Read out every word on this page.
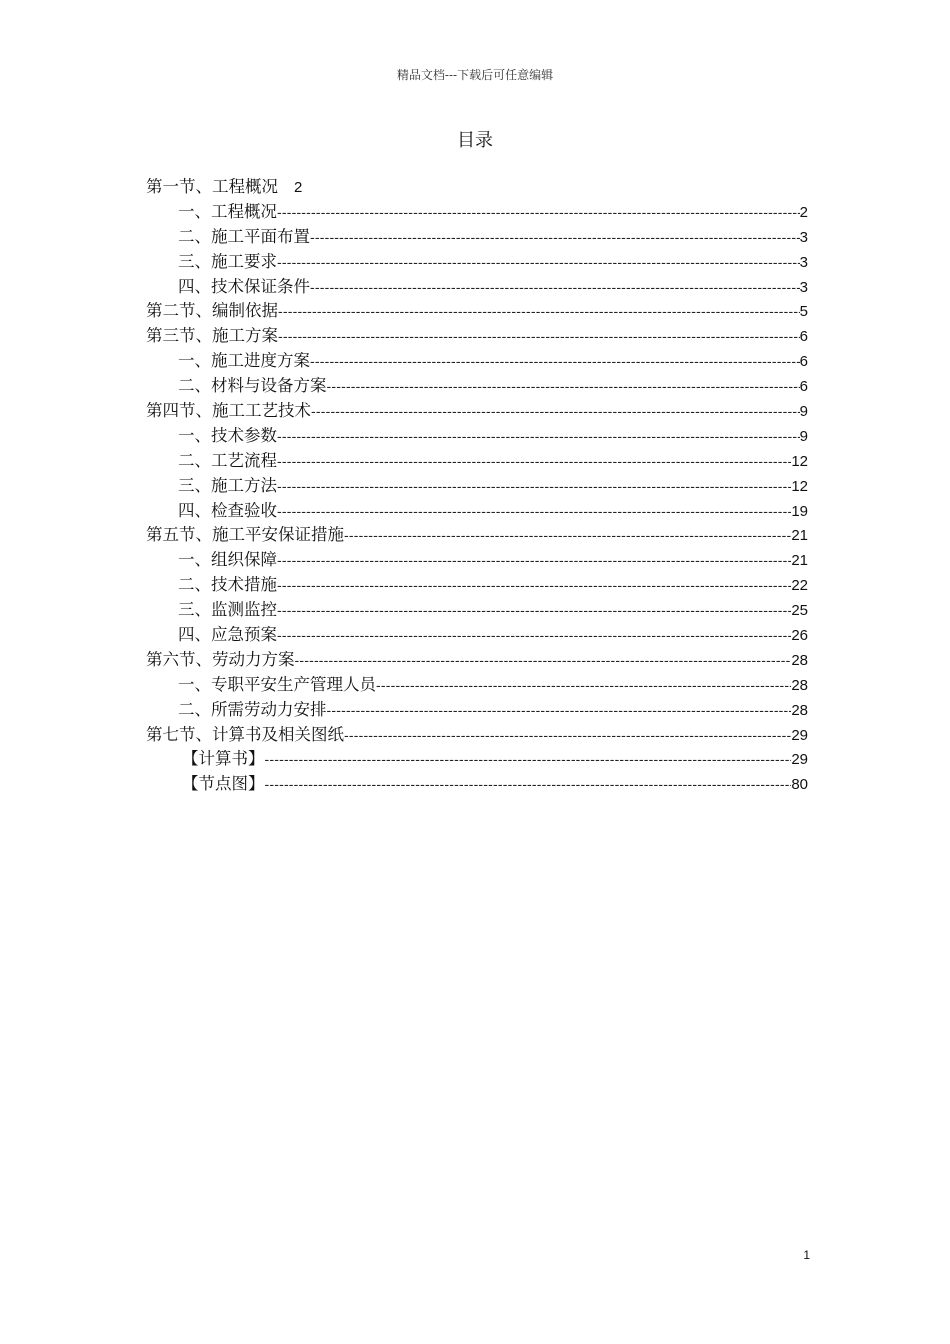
精品文档---下载后可任意编辑
目录
第一节、工程概况 2
一、工程概况 -----	2
二、施工平面布置 -----	3
三、施工要求 -----	3
四、技术保证条件 -----	3
第二节、编制依据 -----	5
第三节、施工方案 -----	6
一、施工进度方案 -----	6
二、材料与设备方案 -----	6
第四节、施工工艺技术 -----	9
一、技术参数 -----	9
二、工艺流程 -----	12
三、施工方法 -----	12
四、检查验收 -----	19
第五节、施工平安保证措施 -----	21
一、组织保障 -----	21
二、技术措施 -----	22
三、监测监控 -----	25
四、应急预案 -----	26
第六节、劳动力方案 -----	28
一、专职平安生产管理人员 -----	28
二、所需劳动力安排 -----	28
第七节、计算书及相关图纸 -----	29
【计算书】 -----	29
【节点图】 -----	80
1
